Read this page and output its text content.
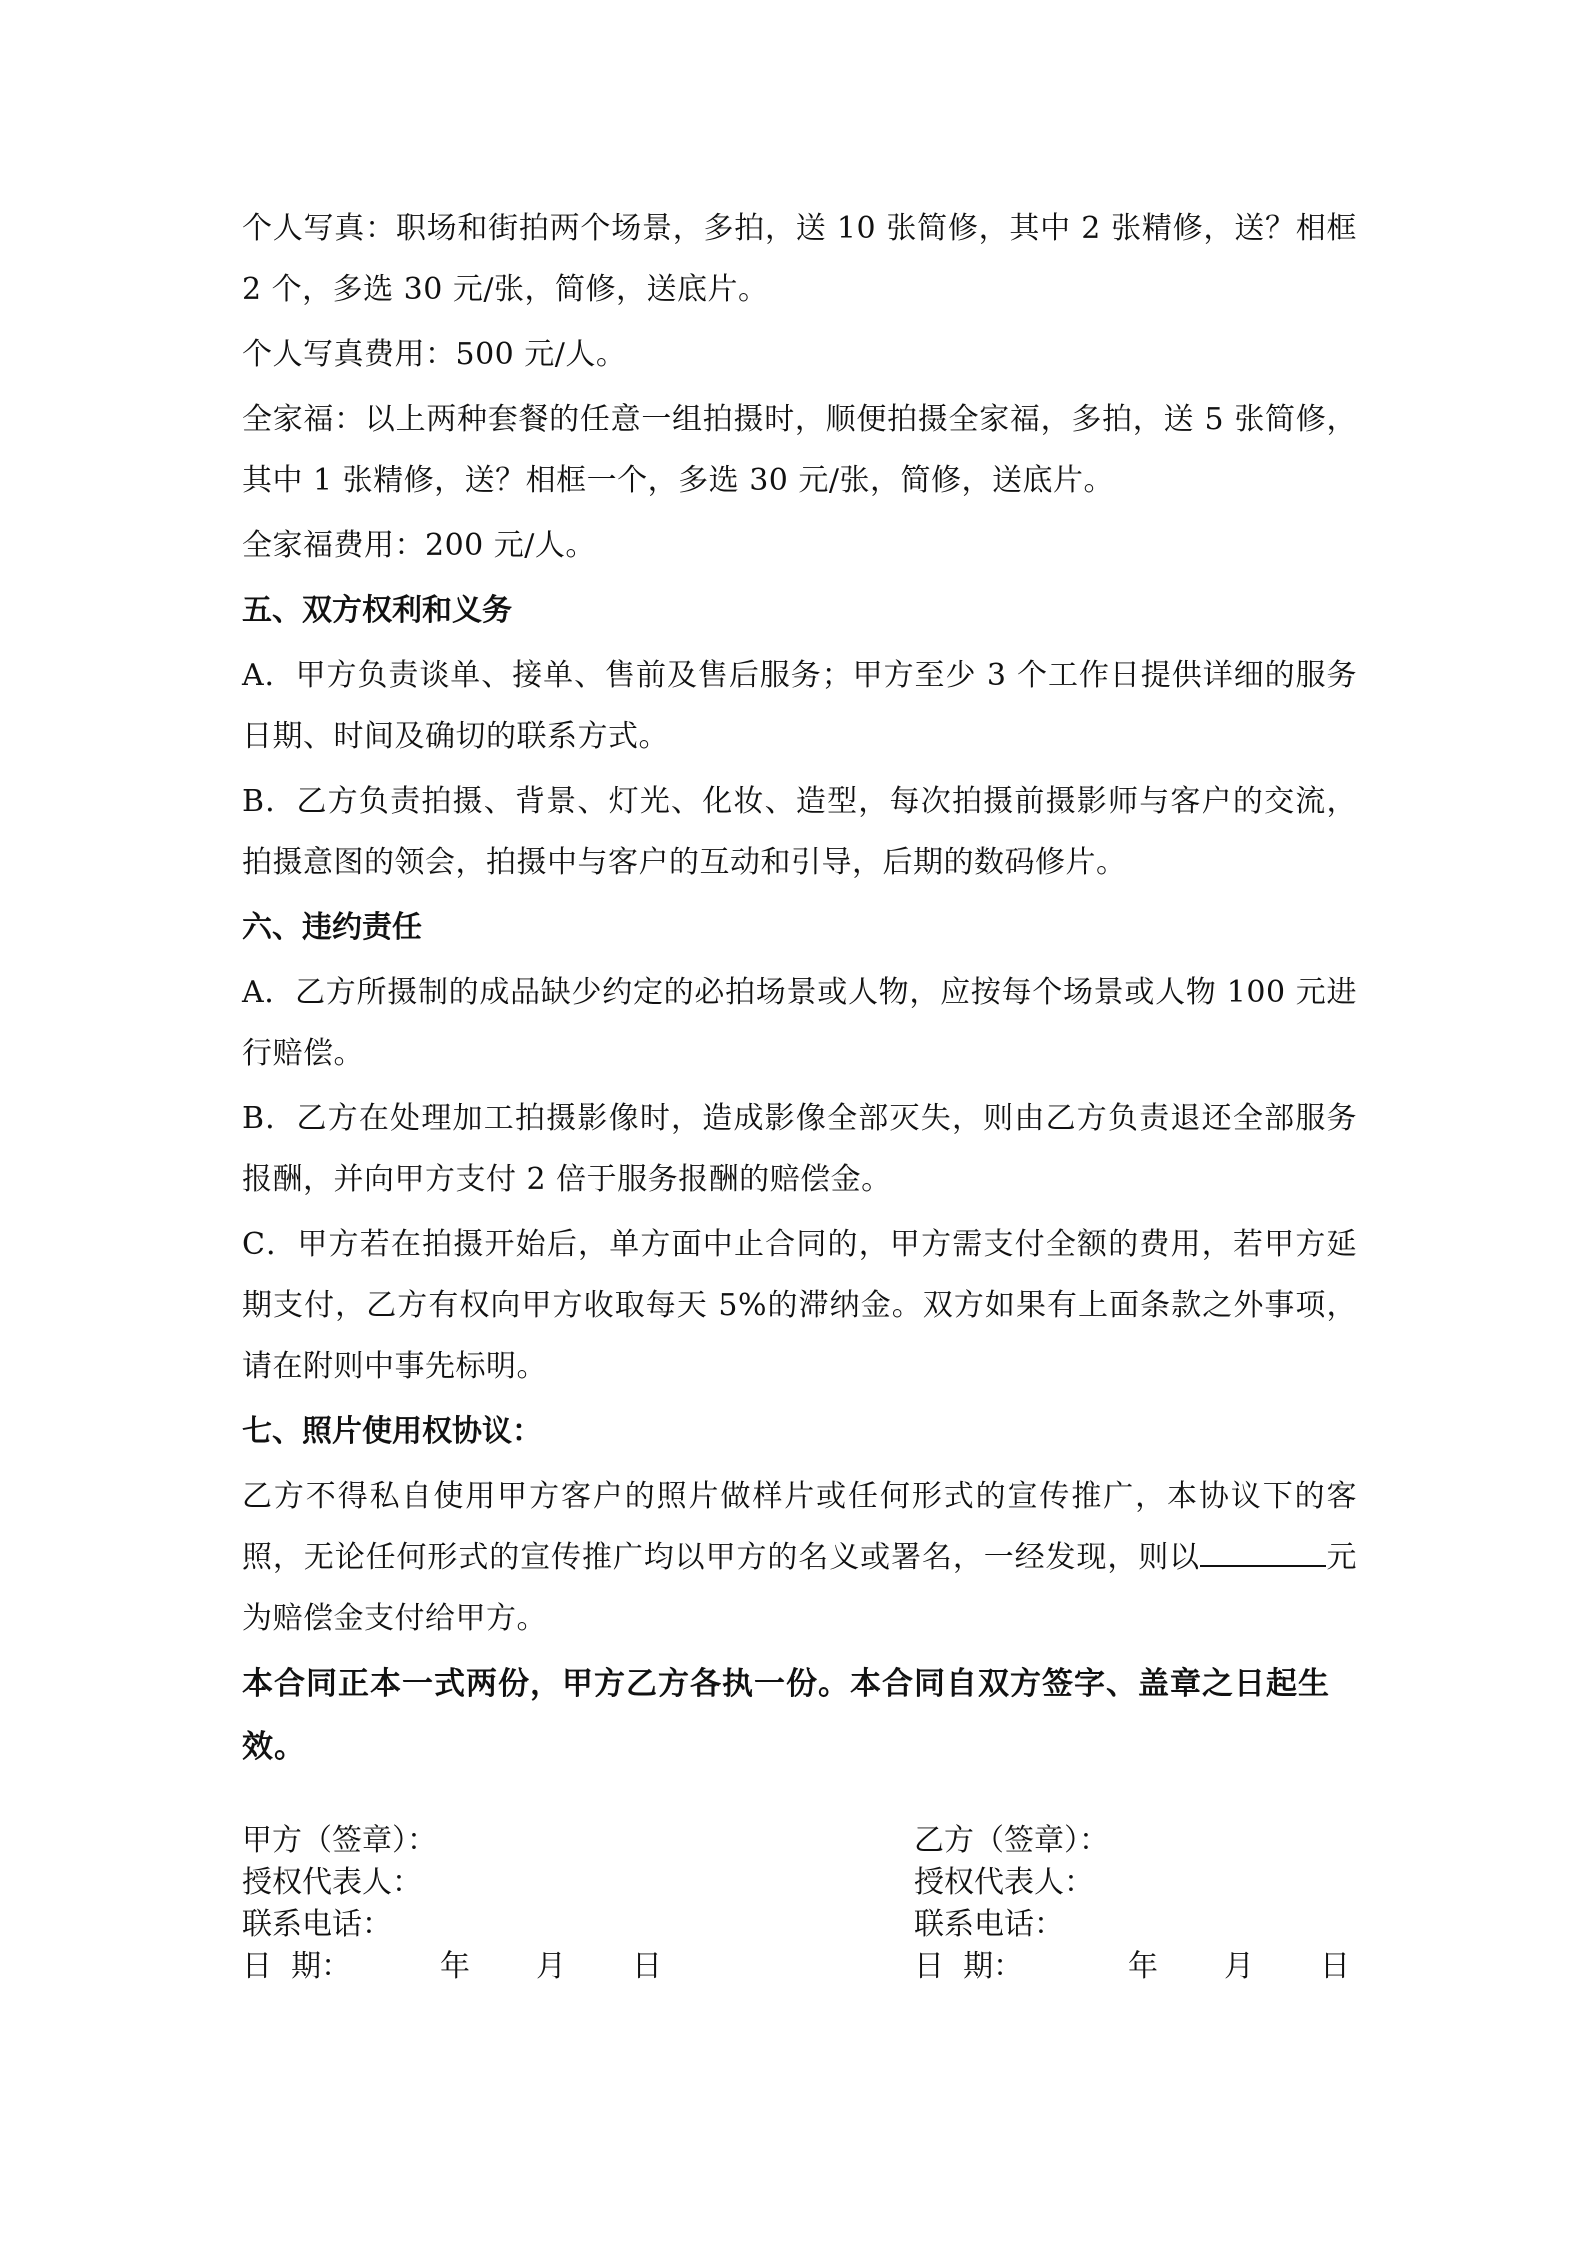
个人写真：职场和街拍两个场景，多拍，送 10 张简修，其中 2 张精修，送？相框 2 个，多选 30 元/张，简修，送底片。

个人写真费用：500 元/人。

全家福：以上两种套餐的任意一组拍摄时，顺便拍摄全家福，多拍，送 5 张简修，其中 1 张精修，送？相框一个，多选 30 元/张，简修，送底片。

全家福费用：200 元/人。

五、双方权利和义务

A．甲方负责谈单、接单、售前及售后服务；甲方至少 3 个工作日提供详细的服务日期、时间及确切的联系方式。

B．乙方负责拍摄、背景、灯光、化妆、造型，每次拍摄前摄影师与客户的交流，拍摄意图的领会，拍摄中与客户的互动和引导，后期的数码修片。

六、违约责任

A．乙方所摄制的成品缺少约定的必拍场景或人物，应按每个场景或人物 100 元进行赔偿。

B．乙方在处理加工拍摄影像时，造成影像全部灭失，则由乙方负责退还全部服务报酬，并向甲方支付 2 倍于服务报酬的赔偿金。

C．甲方若在拍摄开始后，单方面中止合同的，甲方需支付全额的费用，若甲方延期支付，乙方有权向甲方收取每天 5%的滞纳金。双方如果有上面条款之外事项，请在附则中事先标明。

七、照片使用权协议：

乙方不得私自使用甲方客户的照片做样片或任何形式的宣传推广，本协议下的客照，无论任何形式的宣传推广均以甲方的名义或署名，一经发现，则以	元为赔偿金支付给甲方。

本合同正本一式两份，甲方乙方各执一份。本合同自双方签字、盖章之日起生效。

甲方（签章）：

授权代表人：

联系电话：

日  期：	年 月 日

乙方（签章）：

授权代表人：

联系电话：

日  期：	年 月 日
